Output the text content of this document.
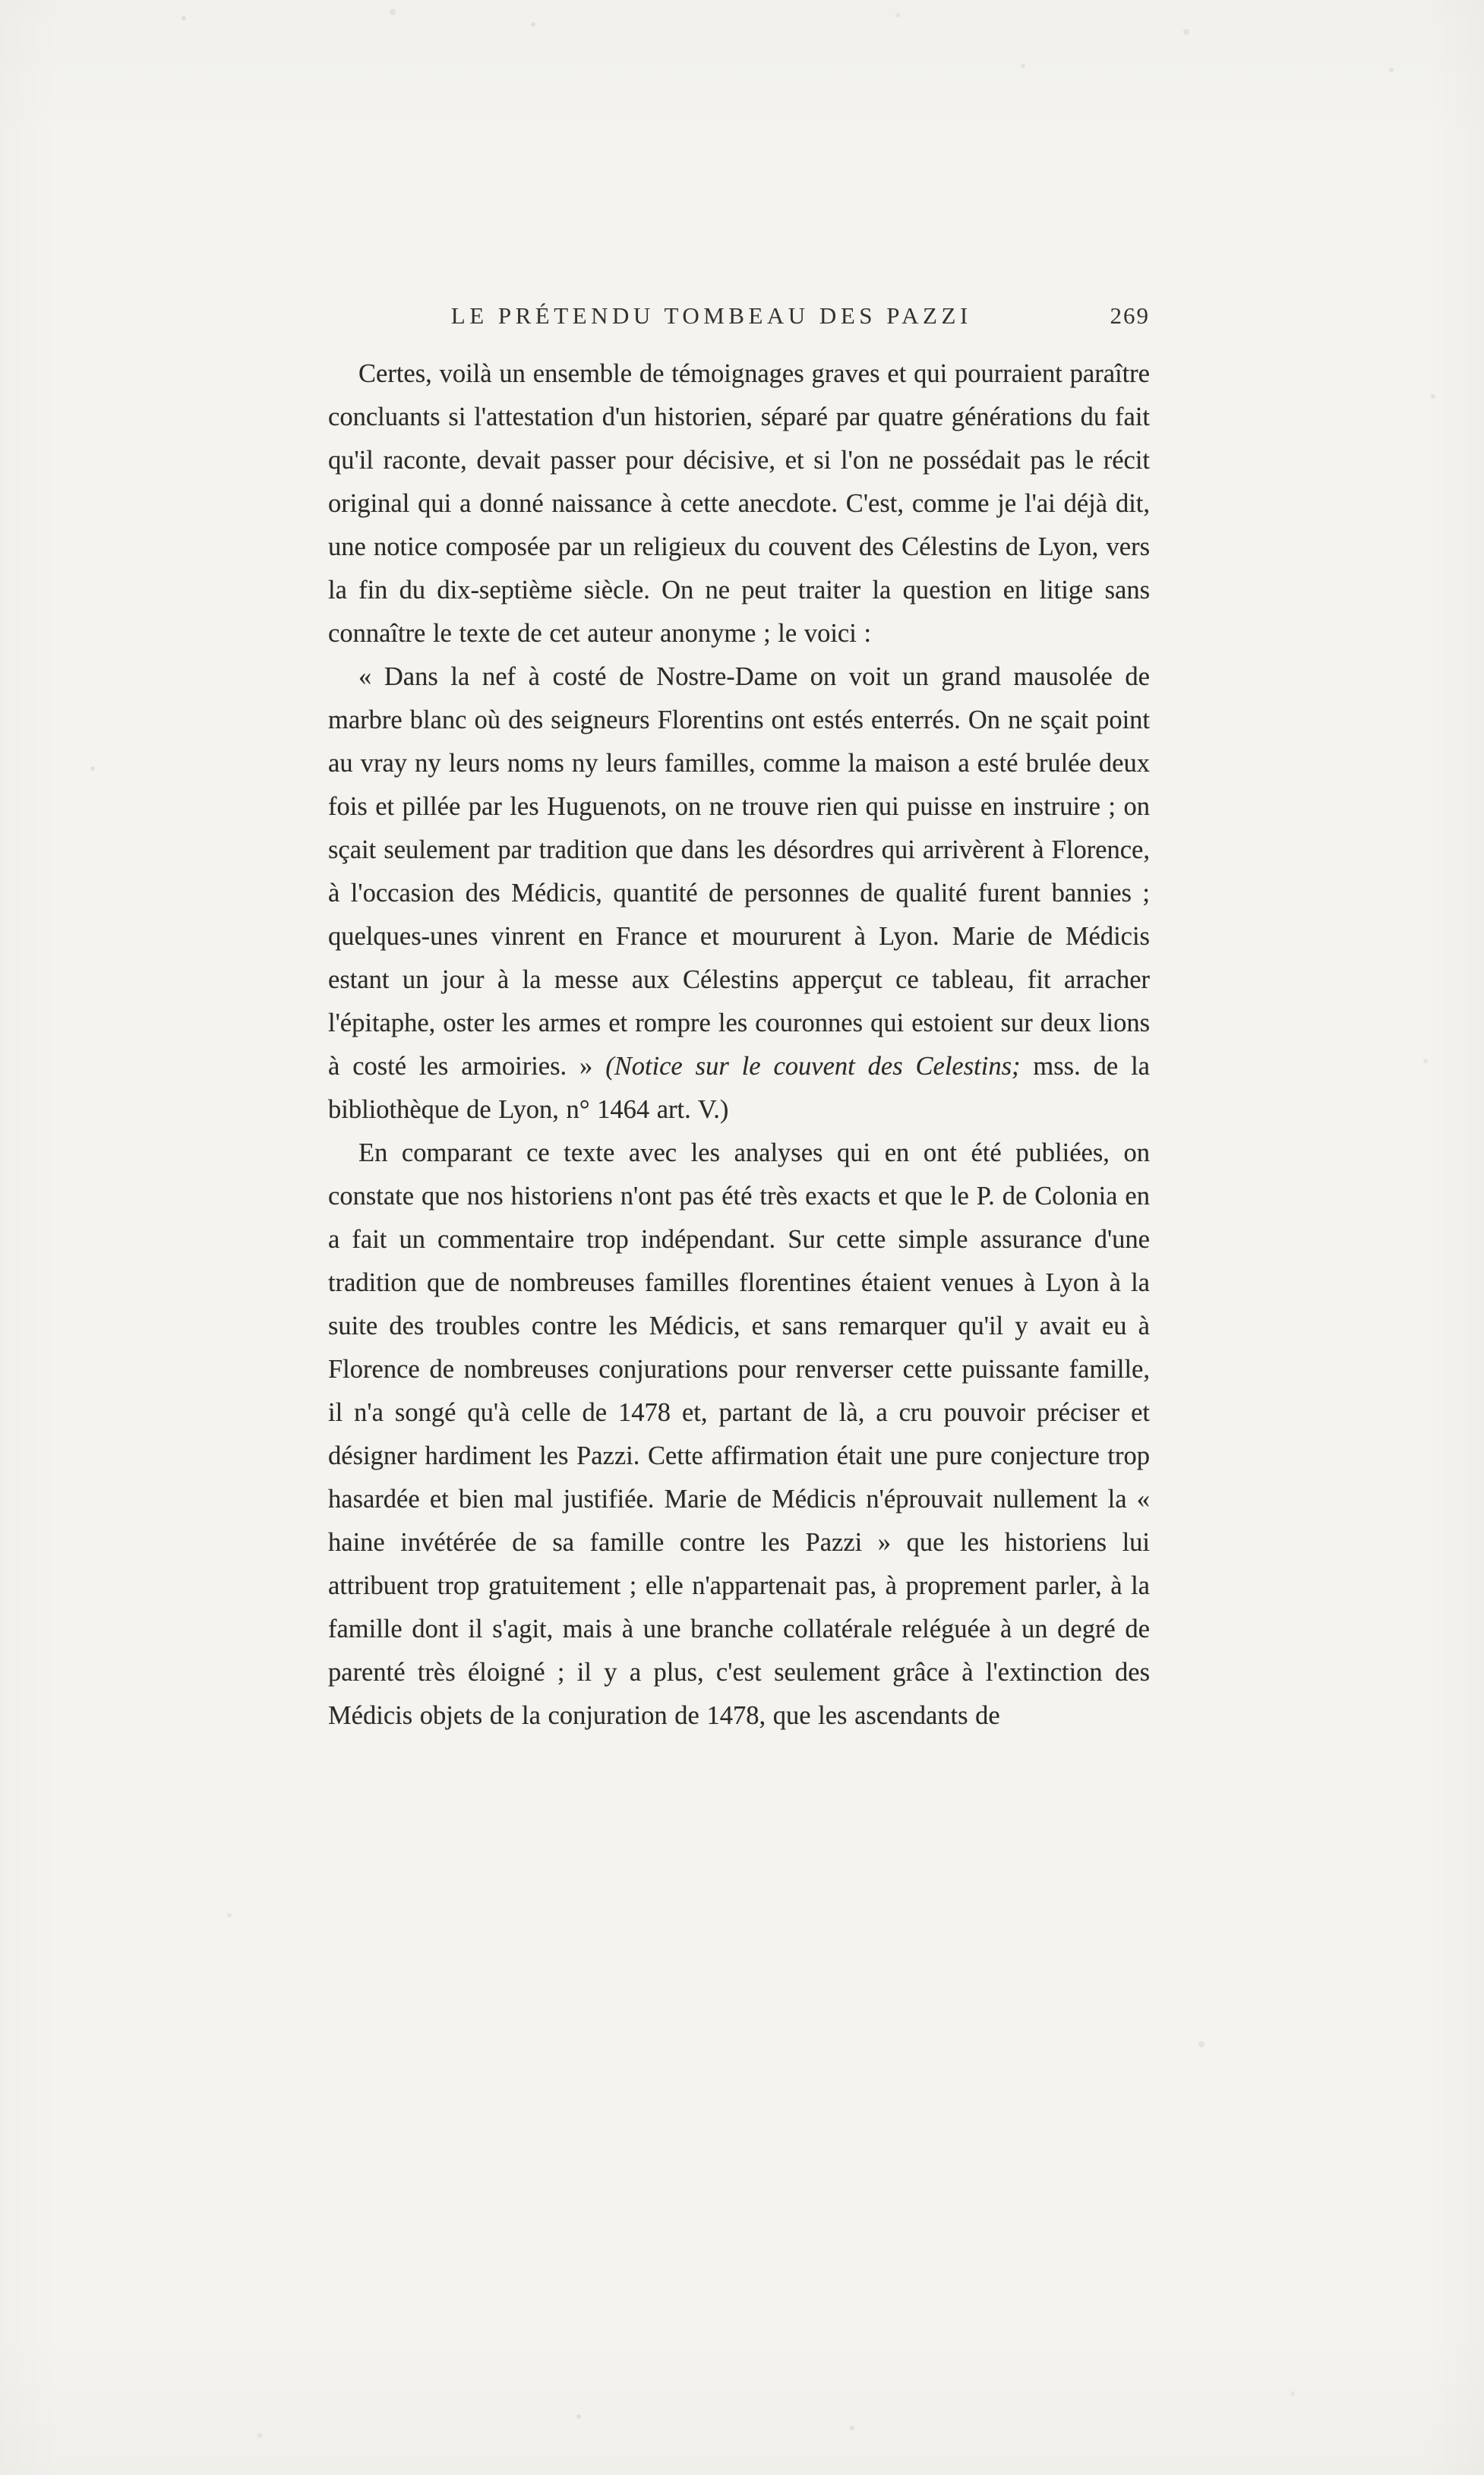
LE PRÉTENDU TOMBEAU DES PAZZI	269

Certes, voilà un ensemble de témoignages graves et qui pourraient paraître concluants si l'attestation d'un historien, séparé par quatre générations du fait qu'il raconte, devait passer pour décisive, et si l'on ne possédait pas le récit original qui a donné naissance à cette anecdote. C'est, comme je l'ai déjà dit, une notice composée par un religieux du couvent des Célestins de Lyon, vers la fin du dix-septième siècle. On ne peut traiter la question en litige sans connaître le texte de cet auteur anonyme ; le voici :

« Dans la nef à costé de Nostre-Dame on voit un grand mausolée de marbre blanc où des seigneurs Florentins ont estés enterrés. On ne sçait point au vray ny leurs noms ny leurs familles, comme la maison a esté brulée deux fois et pillée par les Huguenots, on ne trouve rien qui puisse en instruire ; on sçait seulement par tradition que dans les désordres qui arrivèrent à Florence, à l'occasion des Médicis, quantité de personnes de qualité furent bannies ; quelques-unes vinrent en France et moururent à Lyon. Marie de Médicis estant un jour à la messe aux Célestins apperçut ce tableau, fit arracher l'épitaphe, oster les armes et rompre les couronnes qui estoient sur deux lions à costé les armoiries. » (Notice sur le couvent des Celestins; mss. de la bibliothèque de Lyon, n° 1464 art. V.)

En comparant ce texte avec les analyses qui en ont été publiées, on constate que nos historiens n'ont pas été très exacts et que le P. de Colonia en a fait un commentaire trop indépendant. Sur cette simple assurance d'une tradition que de nombreuses familles florentines étaient venues à Lyon à la suite des troubles contre les Médicis, et sans remarquer qu'il y avait eu à Florence de nombreuses conjurations pour renverser cette puissante famille, il n'a songé qu'à celle de 1478 et, partant de là, a cru pouvoir préciser et désigner hardiment les Pazzi. Cette affirmation était une pure conjecture trop hasardée et bien mal justifiée. Marie de Médicis n'éprouvait nullement la « haine invétérée de sa famille contre les Pazzi » que les historiens lui attribuent trop gratuitement ; elle n'appartenait pas, à proprement parler, à la famille dont il s'agit, mais à une branche collatérale reléguée à un degré de parenté très éloigné ; il y a plus, c'est seulement grâce à l'extinction des Médicis objets de la conjuration de 1478, que les ascendants de
